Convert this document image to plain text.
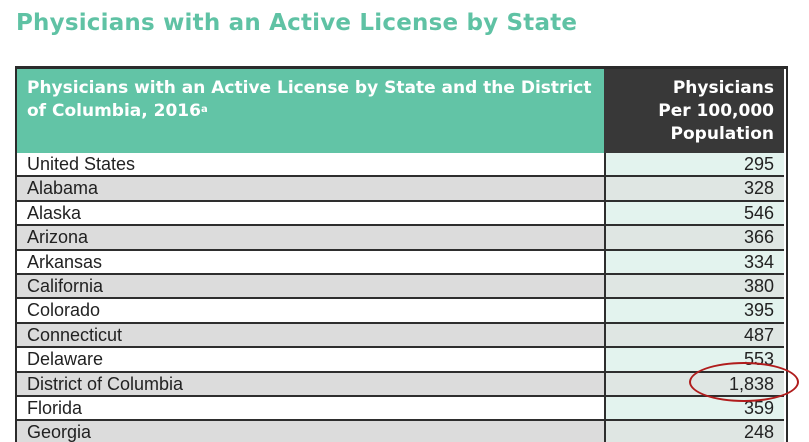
Physicians with an Active License by State
Physicians with an Active License by State and the District of Columbia, 2016$^a$
Physicians
Per 100,000
Population
United States	295
Alabama	328
Alaska	546
Arizona	366
Arkansas	334
California	380
Colorado	395
Connecticut	487
Delaware	553
District of Columbia	1,838
Florida	359
Georgia	248
